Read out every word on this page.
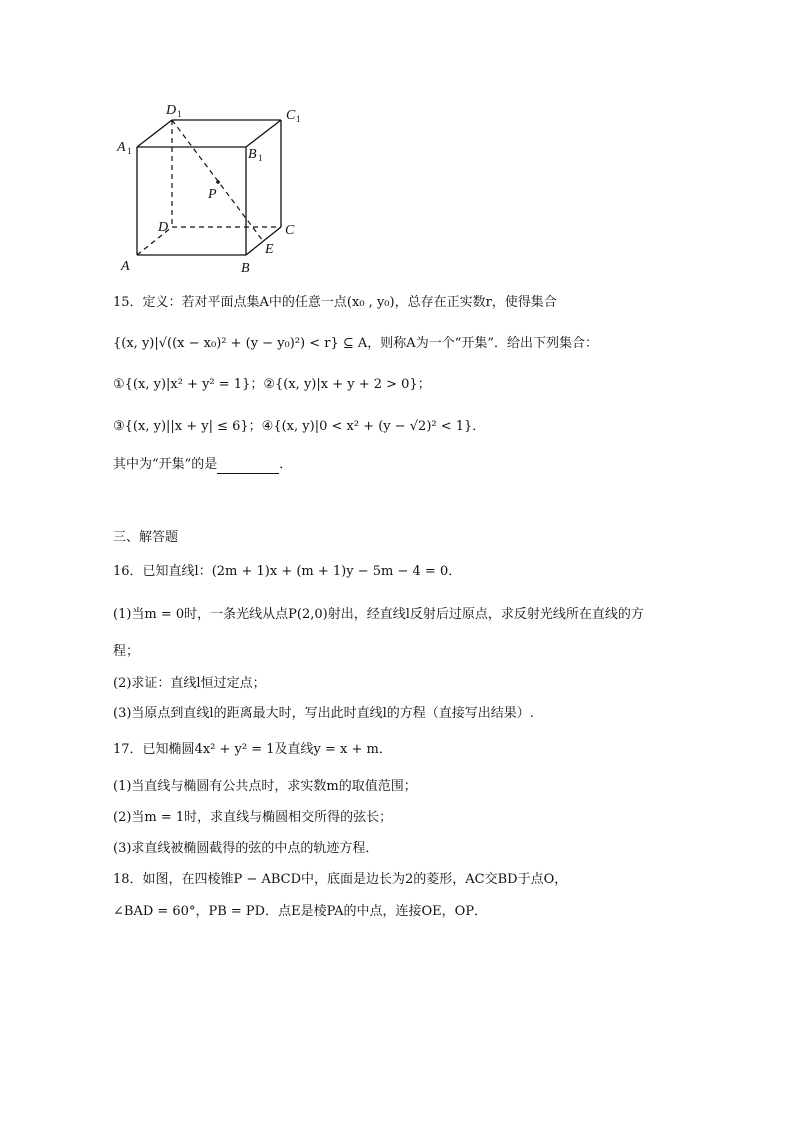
D 1	C 1
A 1	B 1
P
D	C
E
A	B
15．定义：若对平面点集A中的任意一点(x₀ , y₀)，总存在正实数r，使得集合
{(x, y)|√((x − x₀)² + (y − y₀)²) < r} ⊆ A，则称A为一个“开集”．给出下列集合：
①{(x, y)|x² + y² = 1}；②{(x, y)|x + y + 2 > 0}；
③{(x, y)||x + y| ≤ 6}；④{(x, y)|0 < x² + (y − √2)² < 1}．
其中为“开集”的是	．
三、解答题
16．已知直线l：(2m + 1)x + (m + 1)y − 5m − 4 = 0．
(1)当m = 0时，一条光线从点P(2,0)射出，经直线l反射后过原点，求反射光线所在直线的方
程；
(2)求证：直线l恒过定点；
(3)当原点到直线l的距离最大时，写出此时直线l的方程（直接写出结果）.
17．已知椭圆4x² + y² = 1及直线y = x + m．
(1)当直线与椭圆有公共点时，求实数m的取值范围；
(2)当m = 1时，求直线与椭圆相交所得的弦长；
(3)求直线被椭圆截得的弦的中点的轨迹方程．
18．如图，在四棱锥P − ABCD中，底面是边长为2的菱形，AC交BD于点O，
∠BAD = 60°，PB = PD．点E是棱PA的中点，连接OE，OP．
